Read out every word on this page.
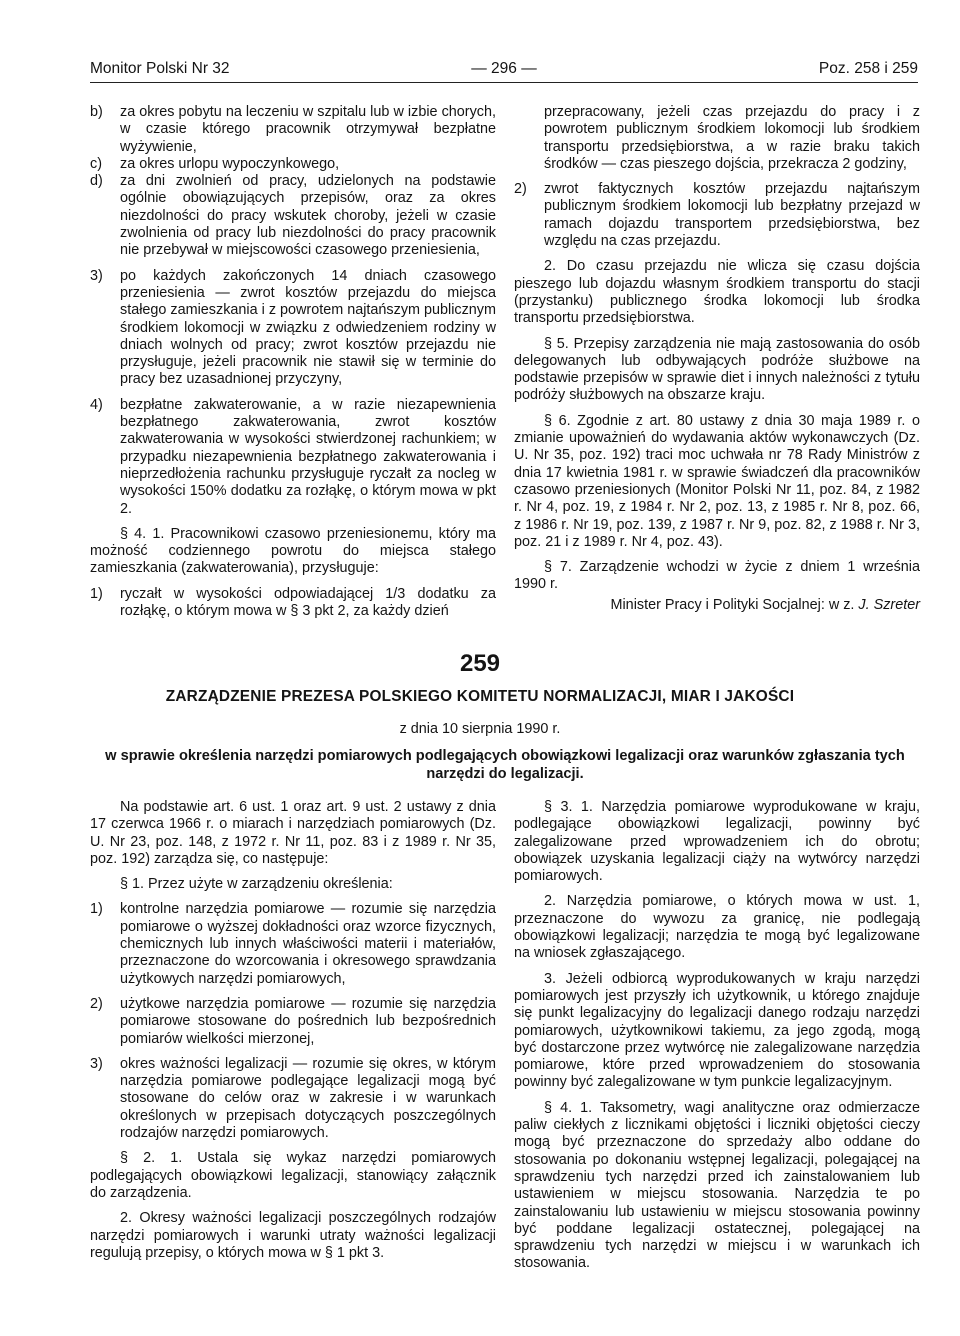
Monitor Polski Nr 32	— 296 —	Poz. 258 i 259
b) za okres pobytu na leczeniu w szpitalu lub w izbie chorych, w czasie którego pracownik otrzymywał bezpłatne wyżywienie,

c) za okres urlopu wypoczynkowego,

d) za dni zwolnień od pracy, udzielonych na podstawie ogólnie obowiązujących przepisów, oraz za okres niezdolności do pracy wskutek choroby, jeżeli w czasie zwolnienia od pracy lub niezdolności do pracy pracownik nie przebywał w miejscowości czasowego przeniesienia,

3) po każdych zakończonych 14 dniach czasowego przeniesienia — zwrot kosztów przejazdu do miejsca stałego zamieszkania i z powrotem najtańszym publicznym środkiem lokomocji w związku z odwiedzeniem rodziny w dniach wolnych od pracy; zwrot kosztów przejazdu nie przysługuje, jeżeli pracownik nie stawił się w terminie do pracy bez uzasadnionej przyczyny,

4) bezpłatne zakwaterowanie, a w razie niezapewnienia bezpłatnego zakwaterowania, zwrot kosztów zakwaterowania w wysokości stwierdzonej rachunkiem; w przypadku niezapewnienia bezpłatnego zakwaterowania i nieprzedłożenia rachunku przysługuje ryczałt za nocleg w wysokości 150% dodatku za rozłąkę, o którym mowa w pkt 2.

§ 4. 1. Pracownikowi czasowo przeniesionemu, który ma możność codziennego powrotu do miejsca stałego zamieszkania (zakwaterowania), przysługuje:

1) ryczałt w wysokości odpowiadającej 1/3 dodatku za rozłąkę, o którym mowa w § 3 pkt 2, za każdy dzień

przepracowany, jeżeli czas przejazdu do pracy i z powrotem publicznym środkiem lokomocji lub środkiem transportu przedsiębiorstwa, a w razie braku takich środków — czas pieszego dojścia, przekracza 2 godziny,

2) zwrot faktycznych kosztów przejazdu najtańszym publicznym środkiem lokomocji lub bezpłatny przejazd w ramach dojazdu transportem przedsiębiorstwa, bez względu na czas przejazdu.

2. Do czasu przejazdu nie wlicza się czasu dojścia pieszego lub dojazdu własnym środkiem transportu do stacji (przystanku) publicznego środka lokomocji lub środka transportu przedsiębiorstwa.

§ 5. Przepisy zarządzenia nie mają zastosowania do osób delegowanych lub odbywających podróże służbowe na podstawie przepisów w sprawie diet i innych należności z tytułu podróży służbowych na obszarze kraju.

§ 6. Zgodnie z art. 80 ustawy z dnia 30 maja 1989 r. o zmianie upoważnień do wydawania aktów wykonawczych (Dz. U. Nr 35, poz. 192) traci moc uchwała nr 78 Rady Ministrów z dnia 17 kwietnia 1981 r. w sprawie świadczeń dla pracowników czasowo przeniesionych (Monitor Polski Nr 11, poz. 84, z 1982 r. Nr 4, poz. 19, z 1984 r. Nr 2, poz. 13, z 1985 r. Nr 8, poz. 66, z 1986 r. Nr 19, poz. 139, z 1987 r. Nr 9, poz. 82, z 1988 r. Nr 3, poz. 21 i z 1989 r. Nr 4, poz. 43).

§ 7. Zarządzenie wchodzi w życie z dniem 1 września 1990 r.

Minister Pracy i Polityki Socjalnej: w z. J. Szreter
259
ZARZĄDZENIE PREZESA POLSKIEGO KOMITETU NORMALIZACJI, MIAR I JAKOŚCI
z dnia 10 sierpnia 1990 r.
w sprawie określenia narzędzi pomiarowych podlegających obowiązkowi legalizacji oraz warunków zgłaszania tych narzędzi do legalizacji.

Na podstawie art. 6 ust. 1 oraz art. 9 ust. 2 ustawy z dnia 17 czerwca 1966 r. o miarach i narzędziach pomiarowych (Dz. U. Nr 23, poz. 148, z 1972 r. Nr 11, poz. 83 i z 1989 r. Nr 35, poz. 192) zarządza się, co następuje:

§ 1. Przez użyte w zarządzeniu określenia:

1) kontrolne narzędzia pomiarowe — rozumie się narzędzia pomiarowe o wyższej dokładności oraz wzorce fizycznych, chemicznych lub innych właściwości materii i materiałów, przeznaczone do wzorcowania i okresowego sprawdzania użytkowych narzędzi pomiarowych,

2) użytkowe narzędzia pomiarowe — rozumie się narzędzia pomiarowe stosowane do pośrednich lub bezpośrednich pomiarów wielkości mierzonej,

3) okres ważności legalizacji — rozumie się okres, w którym narzędzia pomiarowe podlegające legalizacji mogą być stosowane do celów oraz w zakresie i w warunkach określonych w przepisach dotyczących poszczególnych rodzajów narzędzi pomiarowych.

§ 2. 1. Ustala się wykaz narzędzi pomiarowych podlegających obowiązkowi legalizacji, stanowiący załącznik do zarządzenia.

2. Okresy ważności legalizacji poszczególnych rodzajów narzędzi pomiarowych i warunki utraty ważności legalizacji regulują przepisy, o których mowa w § 1 pkt 3.

§ 3. 1. Narzędzia pomiarowe wyprodukowane w kraju, podlegające obowiązkowi legalizacji, powinny być zalegalizowane przed wprowadzeniem ich do obrotu; obowiązek uzyskania legalizacji ciąży na wytwórcy narzędzi pomiarowych.

2. Narzędzia pomiarowe, o których mowa w ust. 1, przeznaczone do wywozu za granicę, nie podlegają obowiązkowi legalizacji; narzędzia te mogą być legalizowane na wniosek zgłaszającego.

3. Jeżeli odbiorcą wyprodukowanych w kraju narzędzi pomiarowych jest przyszły ich użytkownik, u którego znajduje się punkt legalizacyjny do legalizacji danego rodzaju narzędzi pomiarowych, użytkownikowi takiemu, za jego zgodą, mogą być dostarczone przez wytwórcę nie zalegalizowane narzędzia pomiarowe, które przed wprowadzeniem do stosowania powinny być zalegalizowane w tym punkcie legalizacyjnym.

§ 4. 1. Taksometry, wagi analityczne oraz odmierzacze paliw ciekłych z licznikami objętości i liczniki objętości cieczy mogą być przeznaczone do sprzedaży albo oddane do stosowania po dokonaniu wstępnej legalizacji, polegającej na sprawdzeniu tych narzędzi przed ich zainstalowaniem lub ustawieniem w miejscu stosowania. Narzędzia te po zainstalowaniu lub ustawieniu w miejscu stosowania powinny być poddane legalizacji ostatecznej, polegającej na sprawdzeniu tych narzędzi w miejscu i w warunkach ich stosowania.
